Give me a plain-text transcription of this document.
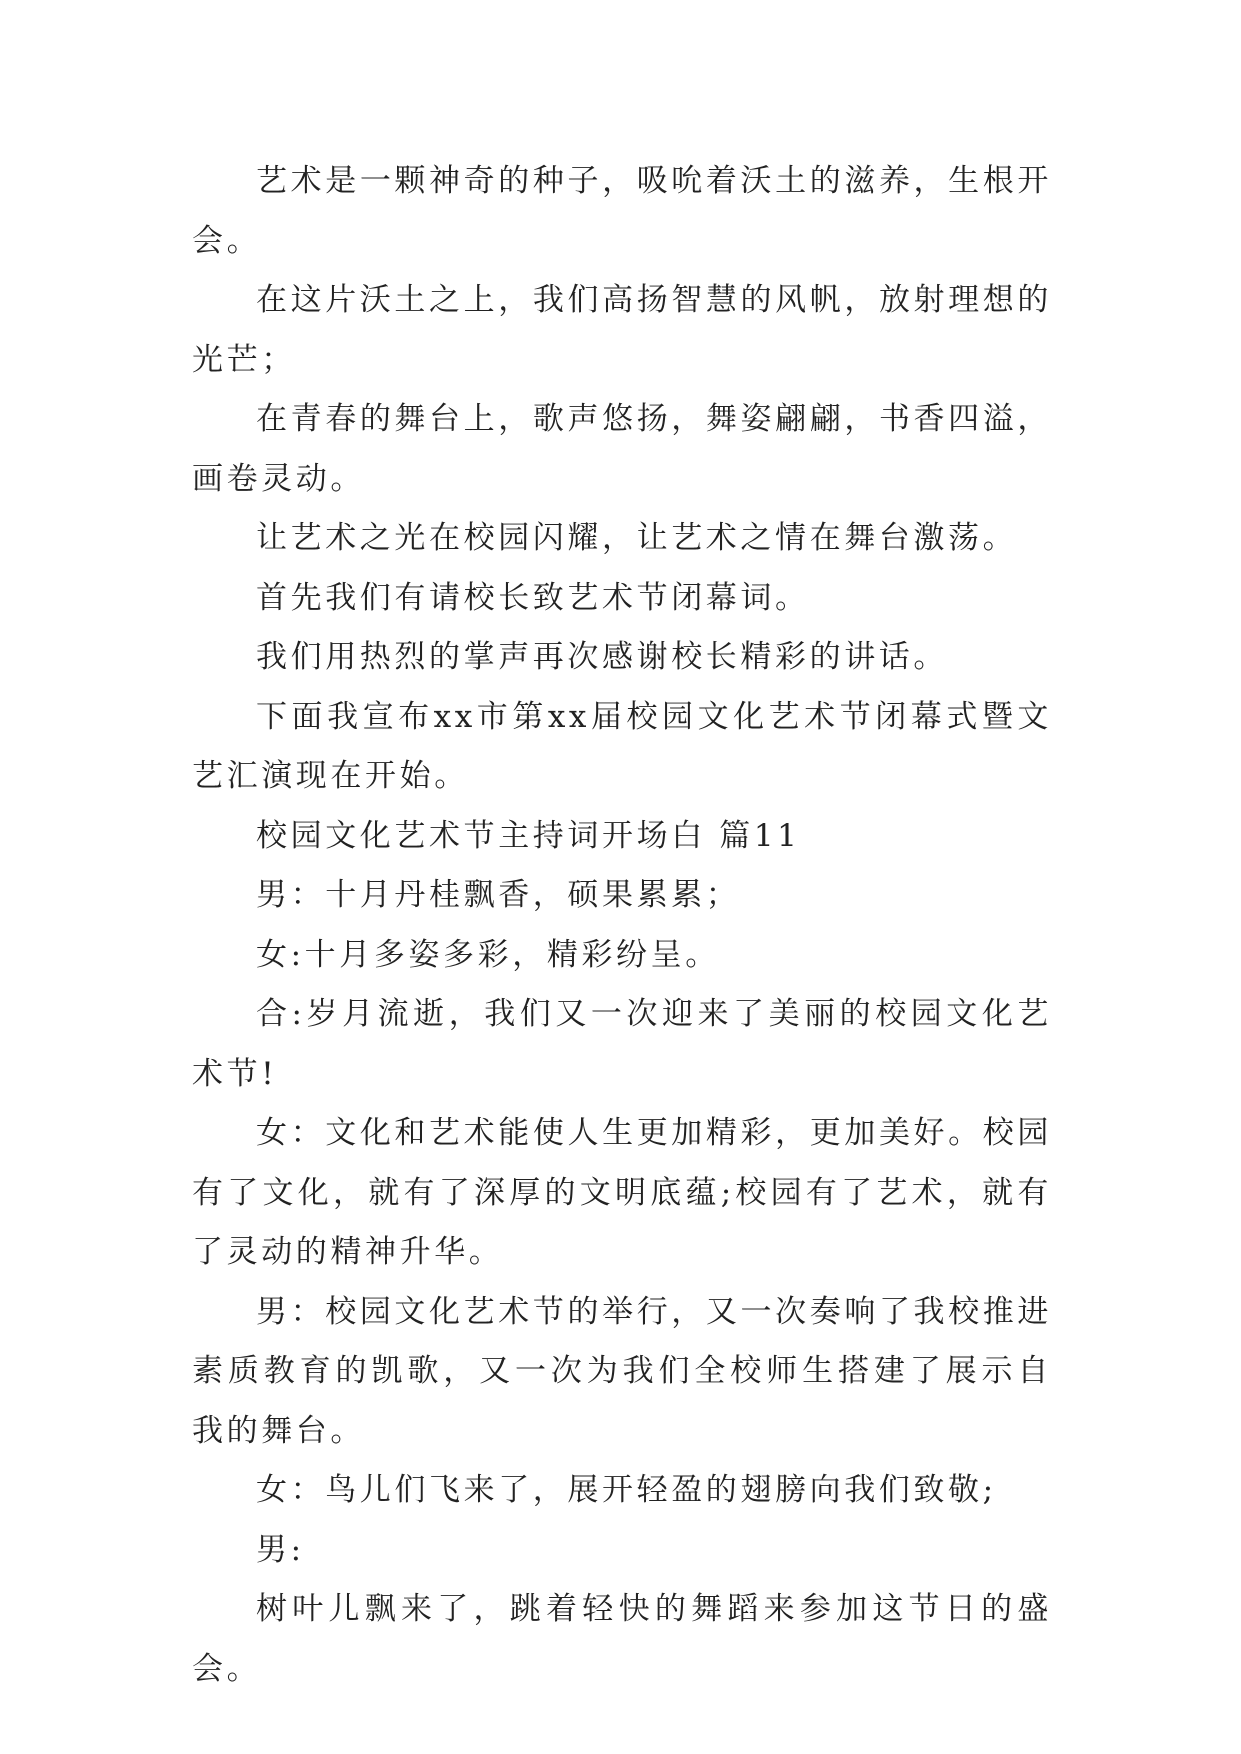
艺术是一颗神奇的种子，吸吮着沃土的滋养，生根开会。

在这片沃土之上，我们高扬智慧的风帆，放射理想的光芒；

在青春的舞台上，歌声悠扬，舞姿翩翩，书香四溢，画卷灵动。

让艺术之光在校园闪耀，让艺术之情在舞台激荡。

首先我们有请校长致艺术节闭幕词。

我们用热烈的掌声再次感谢校长精彩的讲话。

下面我宣布xx市第xx届校园文化艺术节闭幕式暨文艺汇演现在开始。

校园文化艺术节主持词开场白 篇11

男：十月丹桂飘香，硕果累累；

女:十月多姿多彩，精彩纷呈。

合:岁月流逝，我们又一次迎来了美丽的校园文化艺术节!

女：文化和艺术能使人生更加精彩，更加美好。校园有了文化，就有了深厚的文明底蕴;校园有了艺术，就有了灵动的精神升华。

男：校园文化艺术节的举行，又一次奏响了我校推进素质教育的凯歌，又一次为我们全校师生搭建了展示自我的舞台。

女：鸟儿们飞来了，展开轻盈的翅膀向我们致敬;

男:

树叶儿飘来了，跳着轻快的舞蹈来参加这节日的盛会。
